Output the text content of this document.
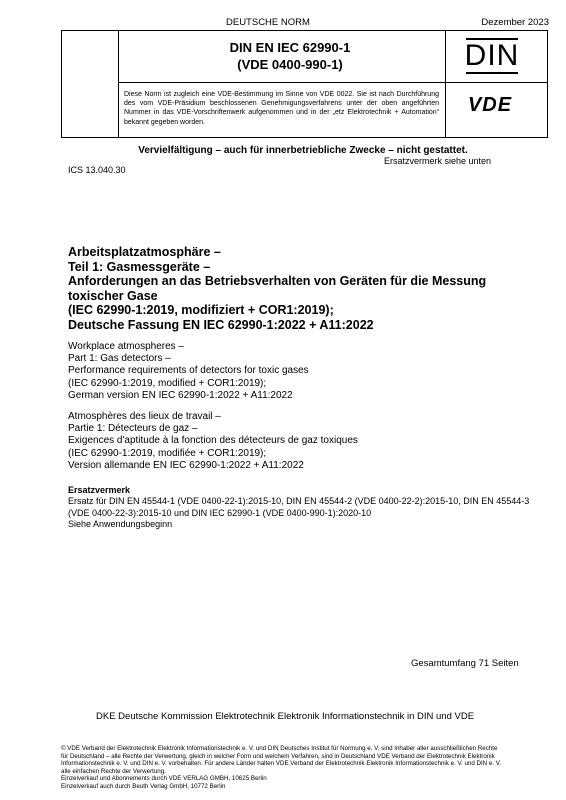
DEUTSCHE NORM	Dezember 2023
DIN EN IEC 62990-1
(VDE 0400-990-1)
Diese Norm ist zugleich eine VDE-Bestimmung im Sinne von VDE 0022. Sie ist nach Durchführung des vom VDE-Präsidium beschlossenen Genehmigungsverfahrens unter der oben angeführten Nummer in das VDE-Vorschriftenwerk aufgenommen und in der „etz Elektrotechnik + Automation“ bekannt gegeben worden.
DIN
VDE
Vervielfältigung – auch für innerbetriebliche Zwecke – nicht gestattet.
Ersatzvermerk siehe unten
ICS 13.040.30
Arbeitsplatzatmosphäre –
Teil 1: Gasmessgeräte –
Anforderungen an das Betriebsverhalten von Geräten für die Messung
toxischer Gase
(IEC 62990-1:2019, modifiziert + COR1:2019);
Deutsche Fassung EN IEC 62990-1:2022 + A11:2022
Workplace atmospheres –
Part 1: Gas detectors –
Performance requirements of detectors for toxic gases
(IEC 62990-1:2019, modified + COR1:2019);
German version EN IEC 62990-1:2022 + A11:2022
Atmosphères des lieux de travail –
Partie 1: Détecteurs de gaz –
Exigences d'aptitude à la fonction des détecteurs de gaz toxiques
(IEC 62990-1:2019, modifiée + COR1:2019);
Version allemande EN IEC 62990-1:2022 + A11:2022
Ersatzvermerk
Ersatz für DIN EN 45544-1 (VDE 0400-22-1):2015-10, DIN EN 45544-2 (VDE 0400-22-2):2015-10, DIN EN 45544-3 (VDE 0400-22-3):2015-10 und DIN IEC 62990-1 (VDE 0400-990-1):2020-10
Siehe Anwendungsbeginn
Gesamtumfang 71 Seiten
DKE Deutsche Kommission Elektrotechnik Elektronik Informationstechnik in DIN und VDE
© VDE Verband der Elektrotechnik Elektronik Informationstechnik e. V. und DIN Deutsches Institut für Normung e. V. sind Inhaber aller ausschließlichen Rechte
für Deutschland – alle Rechte der Verwertung, gleich in welcher Form und welchem Verfahren, sind in Deutschland VDE Verband der Elektrotechnik Elektronik
Informationstechnik e. V. und DIN e. V. vorbehalten. Für andere Länder halten VDE Verband der Elektrotechnik Elektronik Informationstechnik e. V. und DIN e. V.
alle einfachen Rechte der Verwertung.
Einzelverkauf und Abonnements durch VDE VERLAG GMBH, 10625 Berlin
Einzelverkauf auch durch Beuth Verlag GmbH, 10772 Berlin
